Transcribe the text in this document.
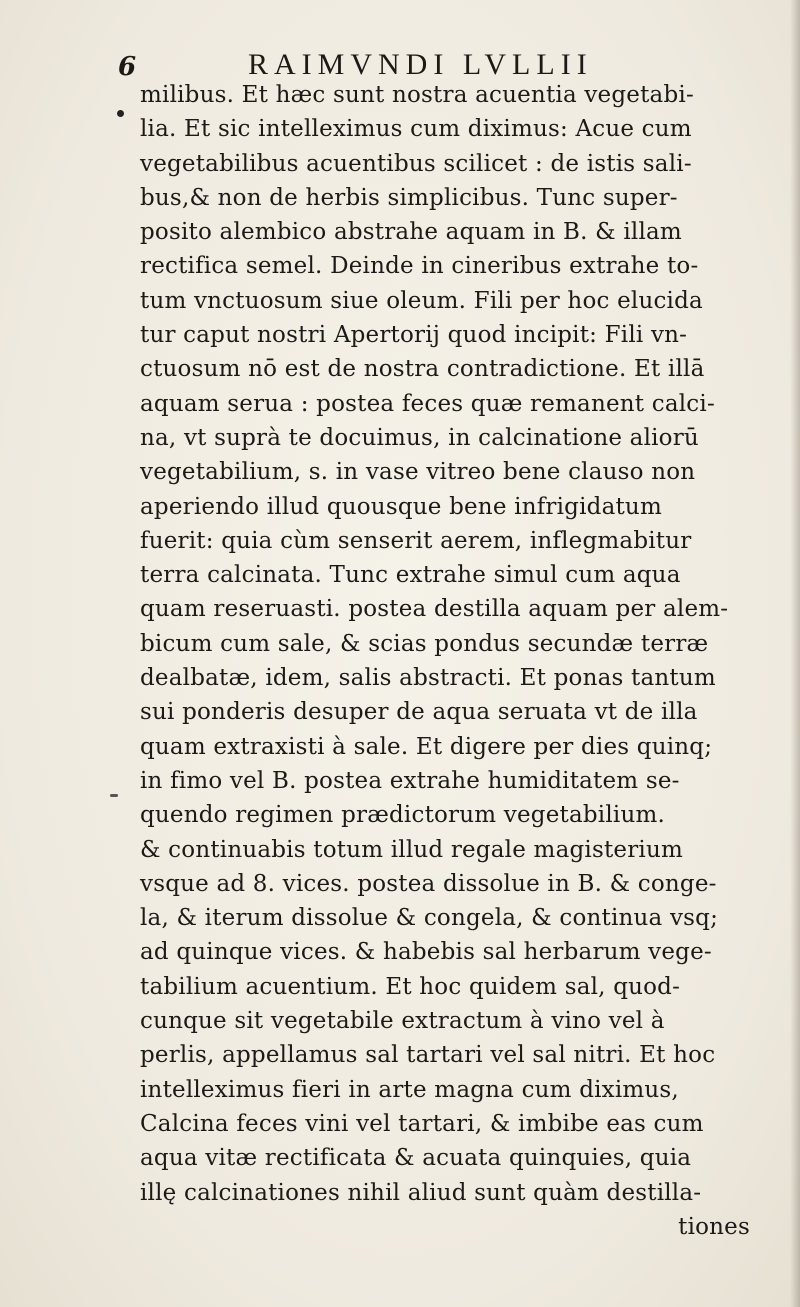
6	RAIMVNDI LVLLII
milibus. Et hæc sunt nostra acuentia vegetabi-
lia. Et sic intelleximus cum diximus: Acue cum
vegetabilibus acuentibus scilicet : de istis sali-
bus,& non de herbis simplicibus. Tunc super-
posito alembico abstrahe aquam in B. & illam
rectifica semel. Deinde in cineribus extrahe to-
tum vnctuosum siue oleum. Fili per hoc elucida
tur caput nostri Apertorij quod incipit: Fili vn-
ctuosum nō est de nostra contradictione. Et illā
aquam serua : postea feces quæ remanent calci-
na, vt suprà te docuimus, in calcinatione aliorū
vegetabilium, s. in vase vitreo bene clauso non
aperiendo illud quousque bene infrigidatum
fuerit: quia cùm senserit aerem, inflegmabitur
terra calcinata. Tunc extrahe simul cum aqua
quam reseruasti. postea destilla aquam per alem-
bicum cum sale, & scias pondus secundæ terræ
dealbatæ, idem, salis abstracti. Et ponas tantum
sui ponderis desuper de aqua seruata vt de illa
quam extraxisti à sale. Et digere per dies quinq;
in fimo vel B. postea extrahe humiditatem se-
quendo regimen prædictorum vegetabilium.
& continuabis totum illud regale magisterium
vsque ad 8. vices. postea dissolue in B. & conge-
la, & iterum dissolue & congela, & continua vsq;
ad quinque vices. & habebis sal herbarum vege-
tabilium acuentium. Et hoc quidem sal, quod-
cunque sit vegetabile extractum à vino vel à
perlis, appellamus sal tartari vel sal nitri. Et hoc
intelleximus fieri in arte magna cum diximus,
Calcina feces vini vel tartari, & imbibe eas cum
aqua vitæ rectificata & acuata quinquies, quia
illę calcinationes nihil aliud sunt quàm destilla-
tiones
